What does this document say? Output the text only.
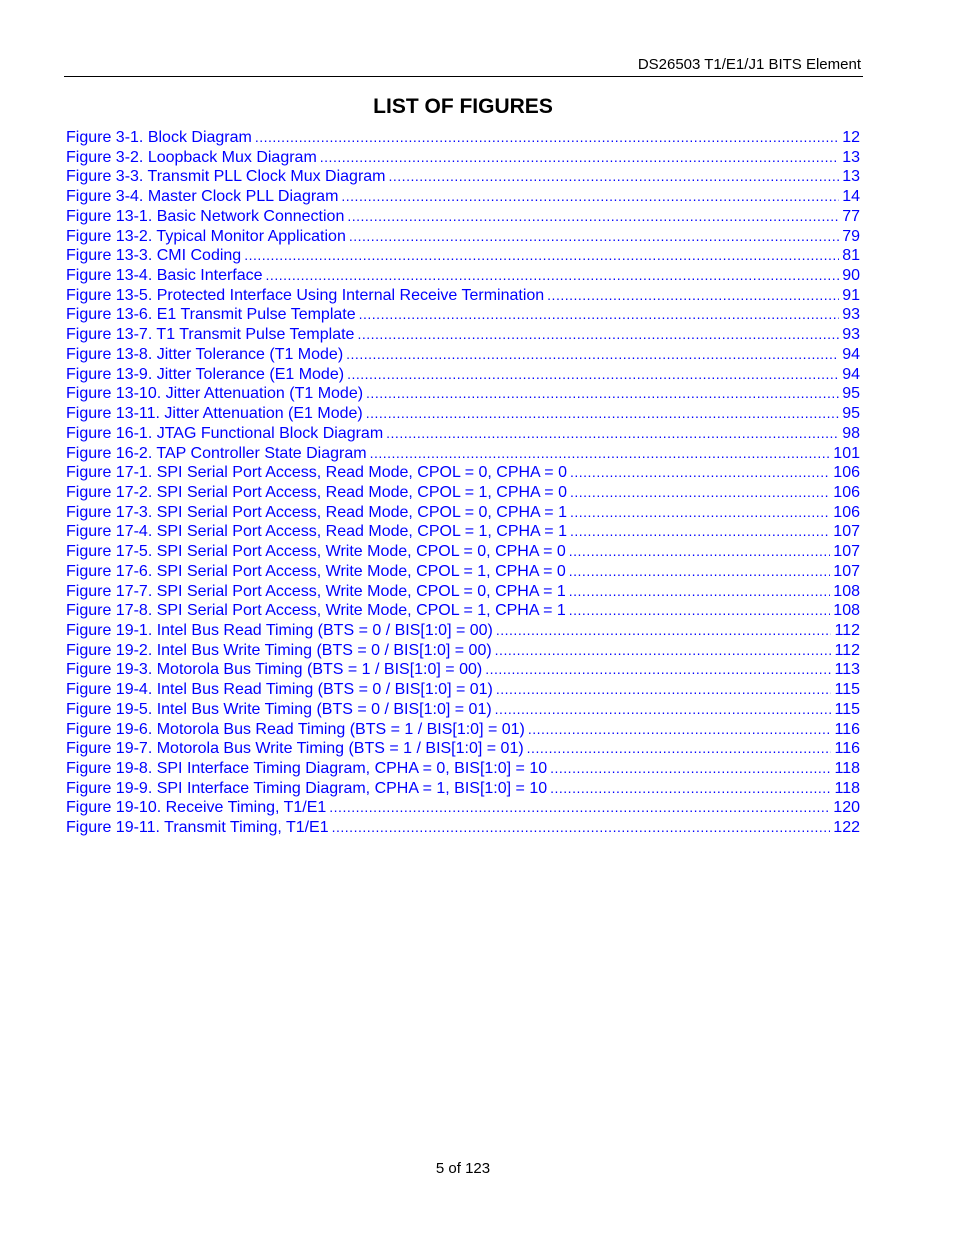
DS26503 T1/E1/J1 BITS Element
LIST OF FIGURES
Figure 3-1. Block Diagram .....	12
Figure 3-2. Loopback Mux Diagram .....	13
Figure 3-3. Transmit PLL Clock Mux Diagram .....	13
Figure 3-4. Master Clock PLL Diagram .....	14
Figure 13-1. Basic Network Connection .....	77
Figure 13-2. Typical Monitor Application .....	79
Figure 13-3. CMI Coding .....	81
Figure 13-4. Basic Interface .....	90
Figure 13-5. Protected Interface Using Internal Receive Termination .....	91
Figure 13-6. E1 Transmit Pulse Template .....	93
Figure 13-7. T1 Transmit Pulse Template .....	93
Figure 13-8. Jitter Tolerance (T1 Mode) .....	94
Figure 13-9. Jitter Tolerance (E1 Mode) .....	94
Figure 13-10. Jitter Attenuation (T1 Mode) .....	95
Figure 13-11. Jitter Attenuation (E1 Mode) .....	95
Figure 16-1. JTAG Functional Block Diagram .....	98
Figure 16-2. TAP Controller State Diagram .....	101
Figure 17-1. SPI Serial Port Access, Read Mode, CPOL = 0, CPHA = 0 .....	106
Figure 17-2. SPI Serial Port Access, Read Mode, CPOL = 1, CPHA = 0 .....	106
Figure 17-3. SPI Serial Port Access, Read Mode, CPOL = 0, CPHA = 1 .....	106
Figure 17-4. SPI Serial Port Access, Read Mode, CPOL = 1, CPHA = 1 .....	107
Figure 17-5. SPI Serial Port Access, Write Mode, CPOL = 0, CPHA = 0 .....	107
Figure 17-6. SPI Serial Port Access, Write Mode, CPOL = 1, CPHA = 0 .....	107
Figure 17-7. SPI Serial Port Access, Write Mode, CPOL = 0, CPHA = 1 .....	108
Figure 17-8. SPI Serial Port Access, Write Mode, CPOL = 1, CPHA = 1 .....	108
Figure 19-1. Intel Bus Read Timing (BTS = 0 / BIS[1:0] = 00) .....	112
Figure 19-2. Intel Bus Write Timing (BTS = 0 / BIS[1:0] = 00) .....	112
Figure 19-3. Motorola Bus Timing (BTS = 1 / BIS[1:0] = 00) .....	113
Figure 19-4. Intel Bus Read Timing (BTS = 0 / BIS[1:0] = 01) .....	115
Figure 19-5. Intel Bus Write Timing (BTS = 0 / BIS[1:0] = 01) .....	115
Figure 19-6. Motorola Bus Read Timing (BTS = 1 / BIS[1:0] = 01) .....	116
Figure 19-7. Motorola Bus Write Timing (BTS = 1 / BIS[1:0] = 01) .....	116
Figure 19-8. SPI Interface Timing Diagram, CPHA = 0, BIS[1:0] = 10 .....	118
Figure 19-9. SPI Interface Timing Diagram, CPHA = 1, BIS[1:0] = 10 .....	118
Figure 19-10. Receive Timing, T1/E1 .....	120
Figure 19-11. Transmit Timing, T1/E1 .....	122
5 of 123
